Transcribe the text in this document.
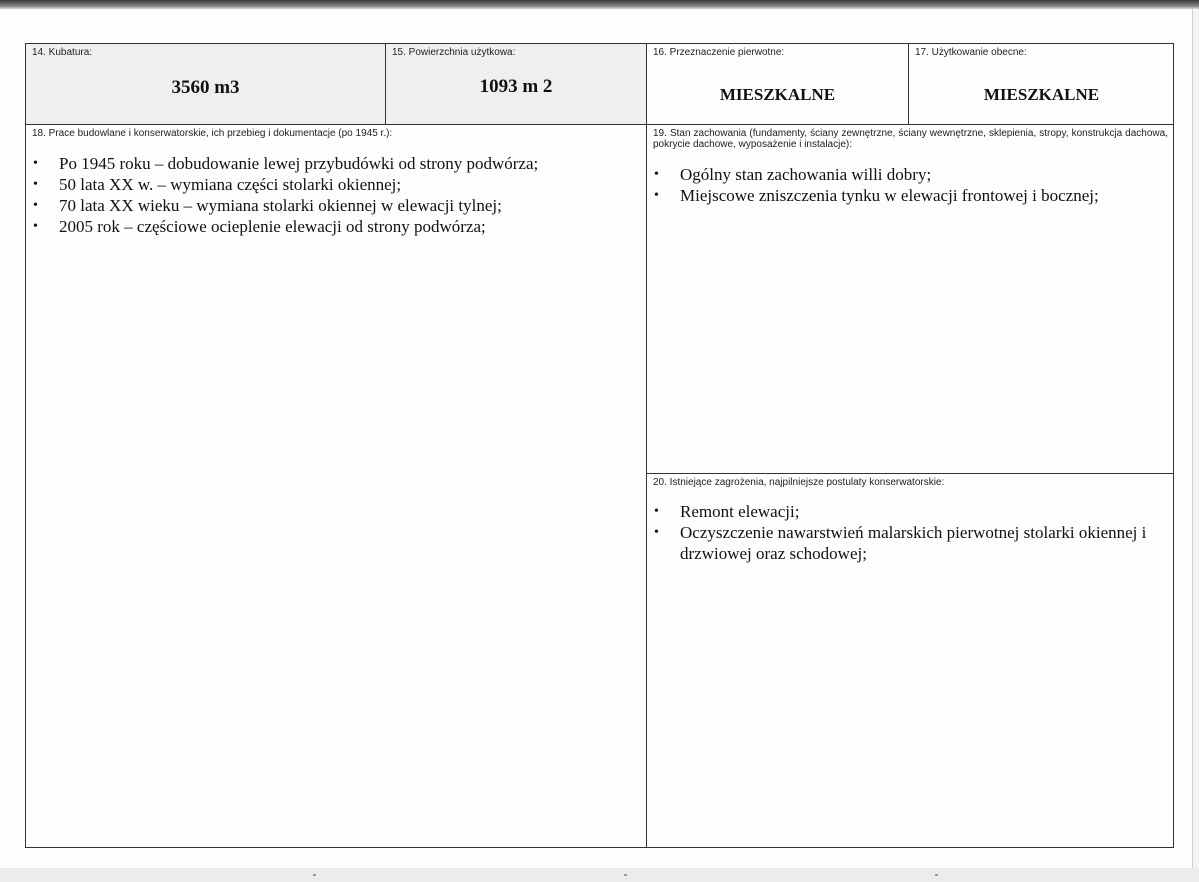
14. Kubatura:
3560 m3
15. Powierzchnia użytkowa:
1093 m 2
16. Przeznaczenie pierwotne:
MIESZKALNE
17. Użytkowanie obecne:
MIESZKALNE
18. Prace budowlane i konserwatorskie, ich przebieg i dokumentacje (po 1945 r.):
• Po 1945 roku – dobudowanie lewej przybudówki od strony podwórza;
• 50 lata XX w. – wymiana części stolarki okiennej;
• 70 lata XX wieku – wymiana stolarki okiennej w elewacji tylnej;
• 2005 rok – częściowe ocieplenie elewacji od strony podwórza;
19. Stan zachowania (fundamenty, ściany zewnętrzne, ściany wewnętrzne, sklepienia, stropy, konstrukcja dachowa, pokrycie dachowe, wyposażenie i instalacje):
• Ogólny stan zachowania willi dobry;
• Miejscowe zniszczenia tynku w elewacji frontowej i bocznej;
20. Istniejące zagrożenia, najpilniejsze postulaty konserwatorskie:
• Remont elewacji;
• Oczyszczenie nawarstwień malarskich pierwotnej stolarki okiennej i drzwiowej oraz schodowej;
